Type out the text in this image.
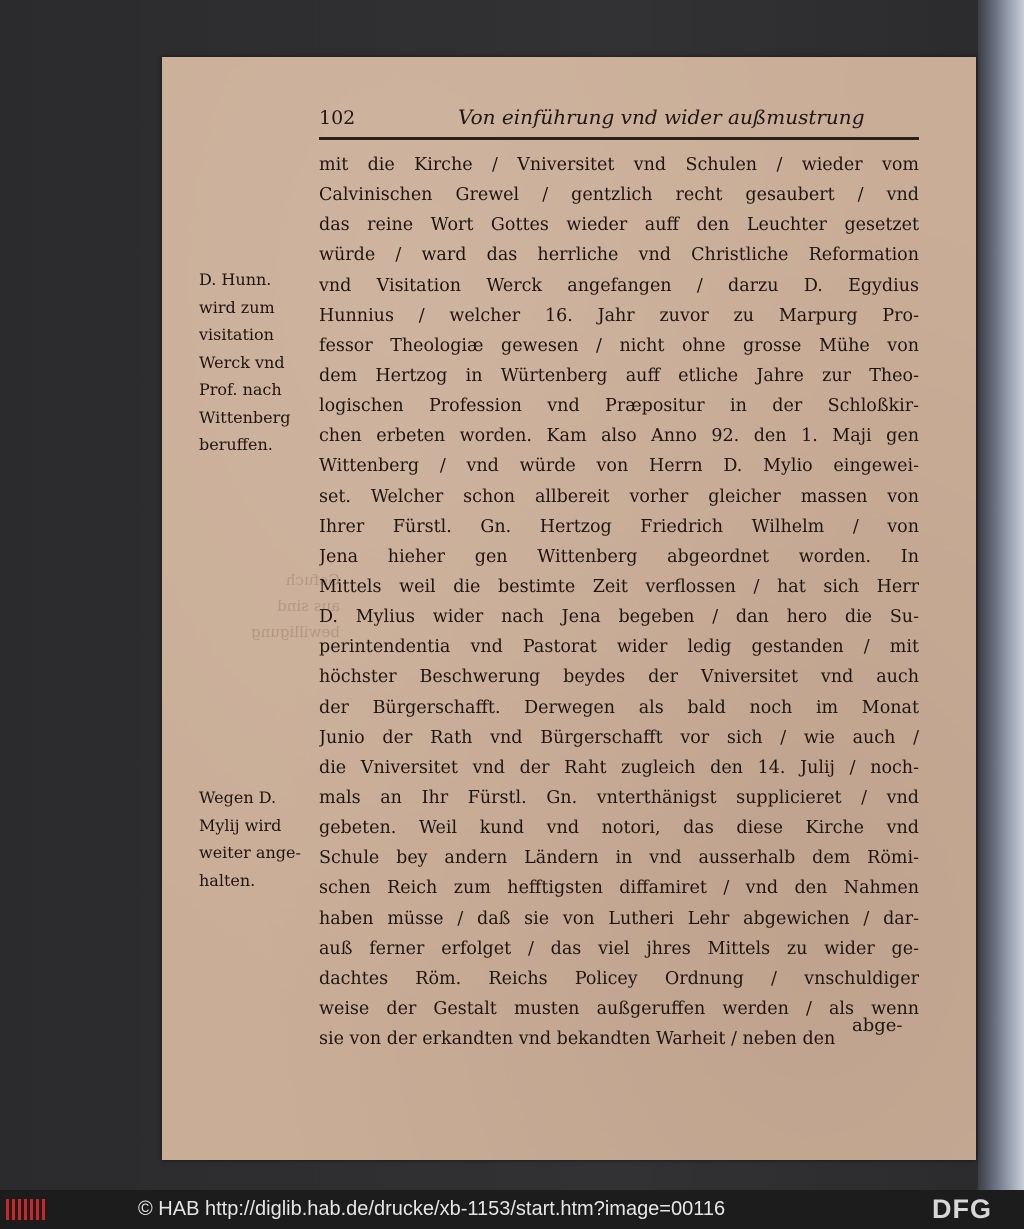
102	Von einführung vnd wider außmustrung
D. Hunn.
wird zum
visitation
Werck vnd
Prof. nach
Wittenberg
beruffen.
Gefuch
aus sind
bewilligung
Wegen D.
Mylij wird
weiter ange-
halten.
mit die Kirche / Vniversitet vnd Schulen / wieder vom
Calvinischen Grewel / gentzlich recht gesaubert / vnd
das reine Wort Gottes wieder auff den Leuchter gesetzet
würde / ward das herrliche vnd Christliche Reformation
vnd Visitation Werck angefangen / darzu D. Egydius
Hunnius / welcher 16. Jahr zuvor zu Marpurg Pro-
fessor Theologiæ gewesen / nicht ohne grosse Mühe von
dem Hertzog in Würtenberg auff etliche Jahre zur Theo-
logischen Profession vnd Præpositur in der Schloßkir-
chen erbeten worden. Kam also Anno 92. den 1. Maji gen
Wittenberg / vnd würde von Herrn D. Mylio eingewei-
set. Welcher schon allbereit vorher gleicher massen von
Ihrer Fürstl. Gn. Hertzog Friedrich Wilhelm / von
Jena hieher gen Wittenberg abgeordnet worden. In
Mittels weil die bestimte Zeit verflossen / hat sich Herr
D. Mylius wider nach Jena begeben / dan hero die Su-
perintendentia vnd Pastorat wider ledig gestanden / mit
höchster Beschwerung beydes der Vniversitet vnd auch
der Bürgerschafft. Derwegen als bald noch im Monat
Junio der Rath vnd Bürgerschafft vor sich / wie auch /
die Vniversitet vnd der Raht zugleich den 14. Julij / noch-
mals an Ihr Fürstl. Gn. vnterthänigst supplicieret / vnd
gebeten. Weil kund vnd notori, das diese Kirche vnd
Schule bey andern Ländern in vnd ausserhalb dem Römi-
schen Reich zum hefftigsten diffamiret / vnd den Nahmen
haben müsse / daß sie von Lutheri Lehr abgewichen / dar-
auß ferner erfolget / das viel jhres Mittels zu wider ge-
dachtes Röm. Reichs Policey Ordnung / vnschuldiger
weise der Gestalt musten außgeruffen werden / als wenn
sie von der erkandten vnd bekandten Warheit / neben den
abge-
© HAB http://diglib.hab.de/drucke/xb-1153/start.htm?image=00116	DFG
